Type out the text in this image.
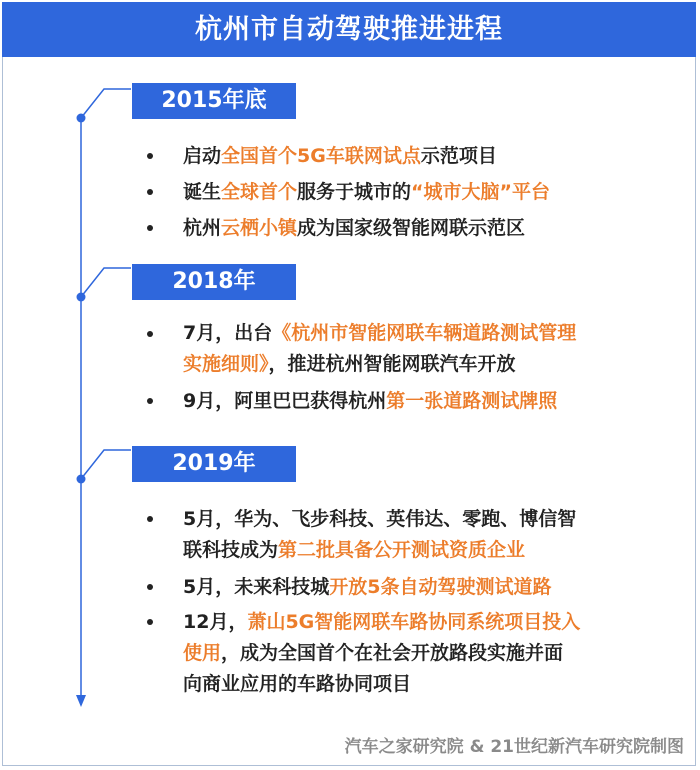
杭州市自动驾驶推进进程
2015年底
2018年
2019年
启动全国首个5G车联网试点示范项目
诞生全球首个服务于城市的“城市大脑”平台
杭州云栖小镇成为国家级智能网联示范区
7月，出台《杭州市智能网联车辆道路测试管理
实施细则》，推进杭州智能网联汽车开放
9月，阿里巴巴获得杭州第一张道路测试牌照
5月，华为、飞步科技、英伟达、零跑、博信智
联科技成为第二批具备公开测试资质企业
5月，未来科技城开放5条自动驾驶测试道路
12月，萧山5G智能网联车路协同系统项目投入
使用，成为全国首个在社会开放路段实施并面
向商业应用的车路协同项目
汽车之家研究院 & 21世纪新汽车研究院制图
